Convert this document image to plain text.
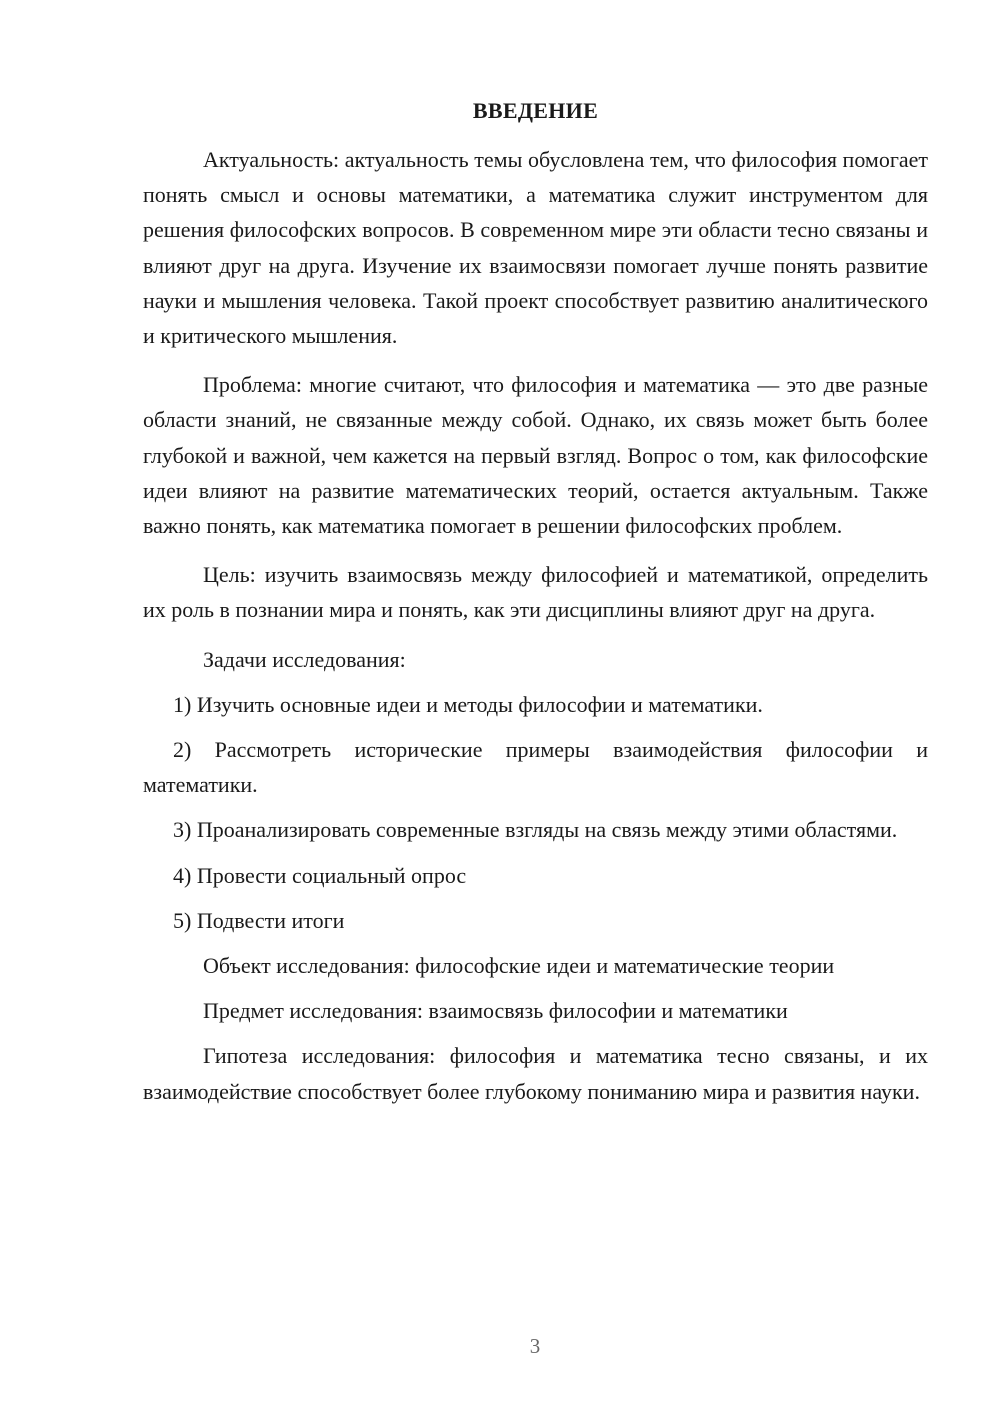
ВВЕДЕНИЕ

Актуальность: актуальность темы обусловлена тем, что философия помогает понять смысл и основы математики, а математика служит инструментом для решения философских вопросов. В современном мире эти области тесно связаны и влияют друг на друга. Изучение их взаимосвязи помогает лучше понять развитие науки и мышления человека. Такой проект способствует развитию аналитического и критического мышления.

Проблема: многие считают, что философия и математика — это две разные области знаний, не связанные между собой. Однако, их связь может быть более глубокой и важной, чем кажется на первый взгляд. Вопрос о том, как философские идеи влияют на развитие математических теорий, остается актуальным. Также важно понять, как математика помогает в решении философских проблем.

Цель: изучить взаимосвязь между философией и математикой, определить их роль в познании мира и понять, как эти дисциплины влияют друг на друга.

Задачи исследования:

1) Изучить основные идеи и методы философии и математики.

2) Рассмотреть исторические примеры взаимодействия философии и математики.

3) Проанализировать современные взгляды на связь между этими областями.

4) Провести социальный опрос

5) Подвести итоги

Объект исследования: философские идеи и математические теории

Предмет исследования: взаимосвязь философии и математики

Гипотеза исследования: философия и математика тесно связаны, и их взаимодействие способствует более глубокому пониманию мира и развития науки.

3
